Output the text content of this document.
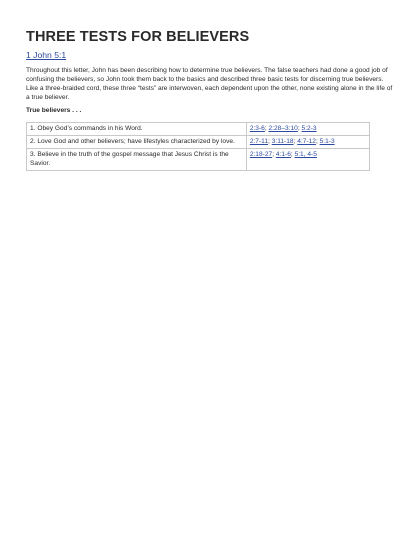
THREE TESTS FOR BELIEVERS
1 John 5:1

Throughout this letter, John has been describing how to determine true believers. The false teachers had done a good job of confusing the believers, so John took them back to the basics and described three basic tests for discerning true believers. Like a three-braided cord, these three “tests” are interwoven, each dependent upon the other, none existing alone in the life of a true believer.

True believers . . .

1. Obey God’s commands in his Word.	2:3-6; 2:28–3:10; 5:2-3
2. Love God and other believers; have lifestyles characterized by love.	2:7-11; 3:11-18; 4:7-12; 5:1-3
3. Believe in the truth of the gospel message that Jesus Christ is the Savior.	2:18-27; 4:1-6; 5:1, 4-5
